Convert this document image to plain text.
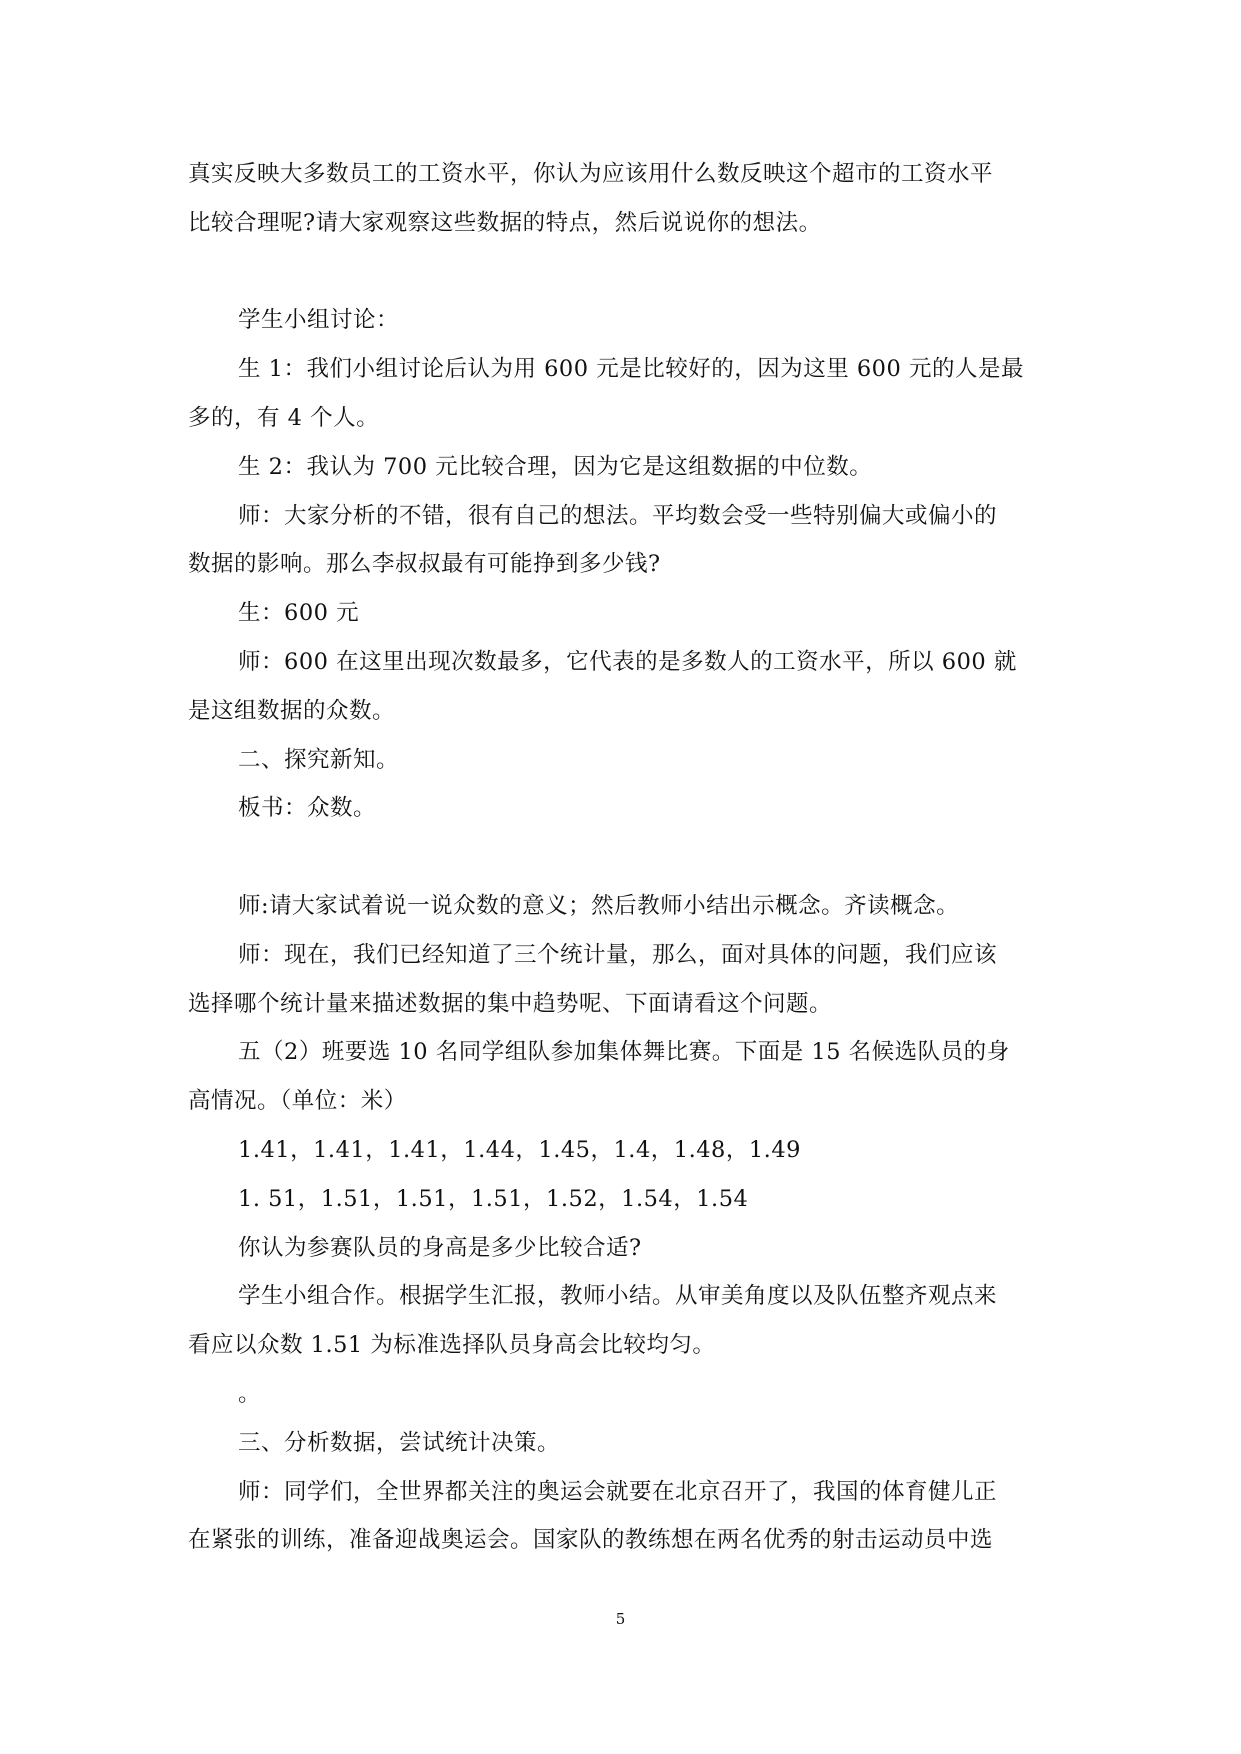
真实反映大多数员工的工资水平，你认为应该用什么数反映这个超市的工资水平
比较合理呢?请大家观察这些数据的特点，然后说说你的想法。
学生小组讨论：
生 1：我们小组讨论后认为用 600 元是比较好的，因为这里 600 元的人是最
多的，有 4 个人。
生 2：我认为 700 元比较合理，因为它是这组数据的中位数。
师：大家分析的不错，很有自己的想法。平均数会受一些特别偏大或偏小的
数据的影响。那么李叔叔最有可能挣到多少钱?
生：600 元
师：600 在这里出现次数最多，它代表的是多数人的工资水平，所以 600 就
是这组数据的众数。
二、探究新知。
板书：众数。
师:请大家试着说一说众数的意义；然后教师小结出示概念。齐读概念。
师：现在，我们已经知道了三个统计量，那么，面对具体的问题，我们应该
选择哪个统计量来描述数据的集中趋势呢、下面请看这个问题。
五（2）班要选 10 名同学组队参加集体舞比赛。下面是 15 名候选队员的身
高情况。（单位：米）
1.41，1.41，1.41，1.44，1.45，1.4，1.48，1.49
1. 51，1.51，1.51，1.51，1.52，1.54，1.54
你认为参赛队员的身高是多少比较合适?
学生小组合作。根据学生汇报，教师小结。从审美角度以及队伍整齐观点来
看应以众数 1.51 为标准选择队员身高会比较均匀。
。
三、分析数据，尝试统计决策。
师：同学们，全世界都关注的奥运会就要在北京召开了，我国的体育健儿正
在紧张的训练，准备迎战奥运会。国家队的教练想在两名优秀的射击运动员中选
5
